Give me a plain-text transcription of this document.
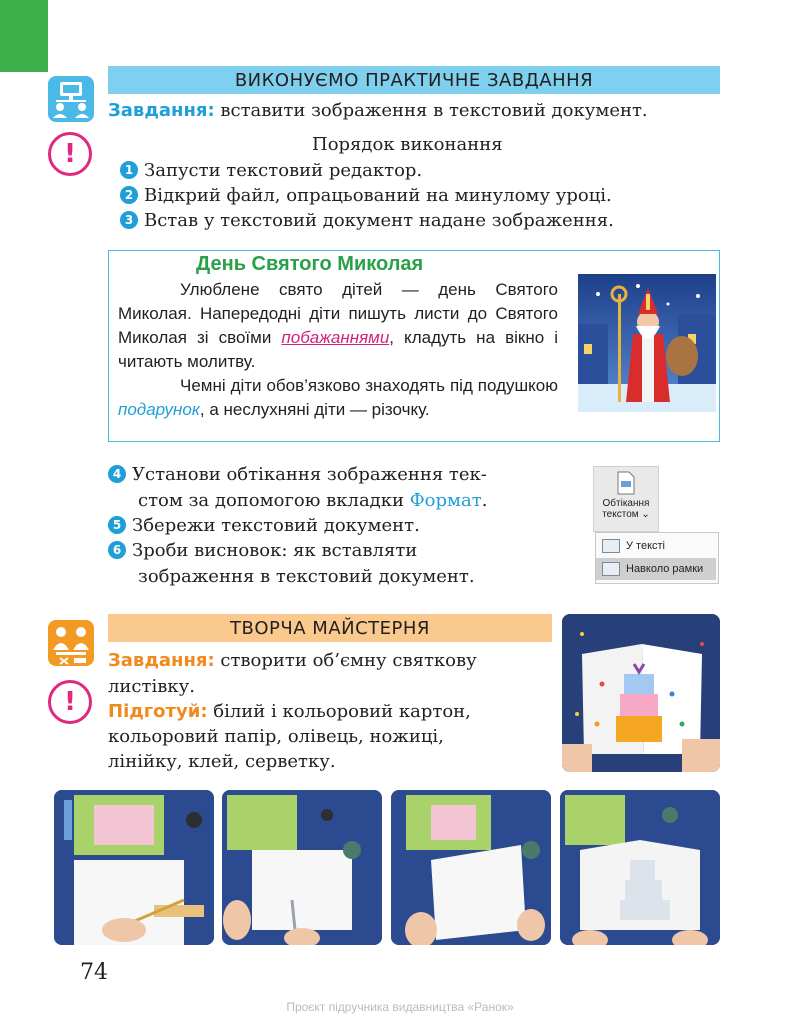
ВИКОНУЄМО ПРАКТИЧНЕ ЗАВДАННЯ
Завдання: вставити зображення в текстовий документ.
!	Порядок виконання
1 Запусти текстовий редактор.
2 Відкрий файл, опрацьований на минулому уроці.
3 Встав у текстовий документ надане зображення.
День Святого Миколая

Улюблене свято дітей — день Святого Миколая. Напередодні діти пишуть листи до Святого Миколая зі своїми побажаннями, кладуть на вікно і читають молитву.

Чемні діти обов’язково знаходять під подушкою подарунок, а неслухняні діти — різочку.

4 Установи обтікання зображення тек-
стом за допомогою вкладки Формат.
5 Збережи текстовий документ.
6 Зроби висновок: як вставляти
зображення в текстовий документ.
Обтікання
текстом ⌄
У тексті
Навколо рамки
ТВОРЧА МАЙСТЕРНЯ
Завдання: створити об’ємну святкову
листівку.
!	Підготуй: білий і кольоровий картон,
кольоровий папір, олівець, ножиці,
лінійку, клей, серветку.
74
Проєкт підручника видавництва «Ранок»
